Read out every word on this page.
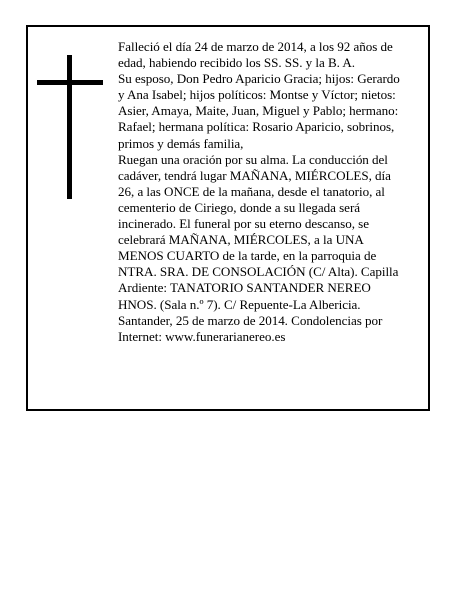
Falleció el día 24 de marzo de 2014, a los 92 años de
edad, habiendo recibido los SS. SS. y la B. A.
Su esposo, Don Pedro Aparicio Gracia; hijos: Gerardo
y Ana Isabel; hijos políticos: Montse y Víctor; nietos:
Asier, Amaya, Maite, Juan, Miguel y Pablo; hermano:
Rafael; hermana política: Rosario Aparicio, sobrinos,
primos y demás familia,
Ruegan una oración por su alma. La conducción del
cadáver, tendrá lugar MAÑANA, MIÉRCOLES, día
26, a las ONCE de la mañana, desde el tanatorio, al
cementerio de Ciriego, donde a su llegada será
incinerado. El funeral por su eterno descanso, se
celebrará MAÑANA, MIÉRCOLES, a la UNA
MENOS CUARTO de la tarde, en la parroquia de
NTRA. SRA. DE CONSOLACIÓN (C/ Alta). Capilla
Ardiente: TANATORIO SANTANDER NEREO
HNOS. (Sala n.º 7). C/ Repuente-La Albericia.
Santander, 25 de marzo de 2014. Condolencias por
Internet: www.funerarianereo.es
